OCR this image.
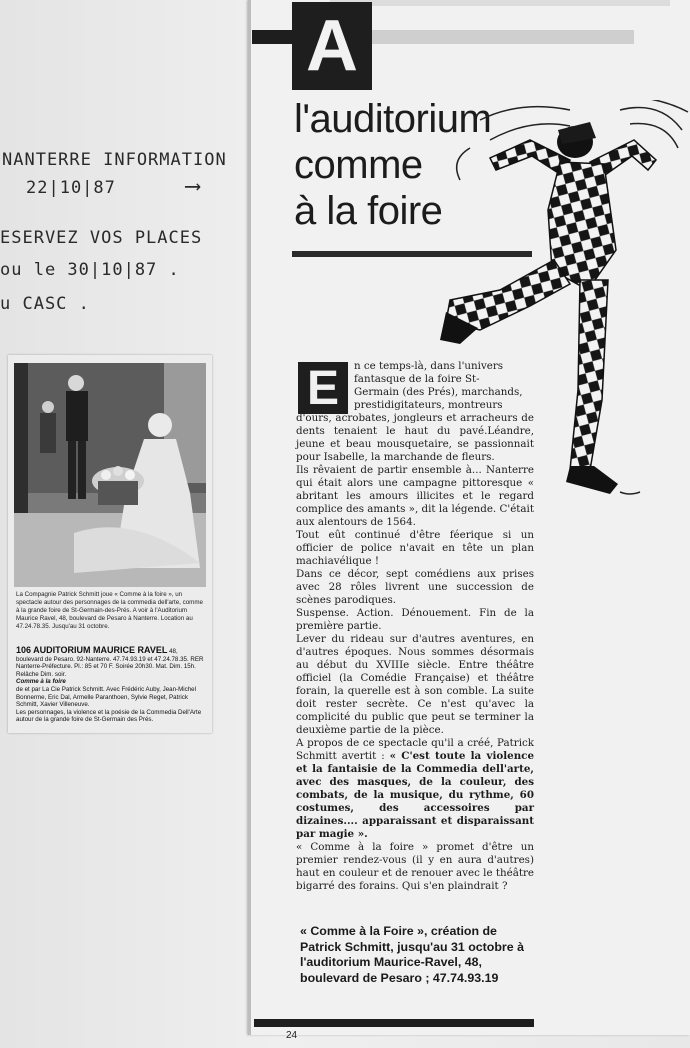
NANTERRE INFORMATION
22|10|87	⟶
ESERVEZ VOS PLACES
ou le 30|10|87 .
u CASC .
La Compagnie Patrick Schmitt joue « Comme à la foire », un spectacle autour des personnages de la commedia dell'arte, comme à la grande foire de St-Germain-des-Prés. A voir à l'Auditorium Maurice Ravel, 48, boulevard de Pesaro à Nanterre. Location au 47.24.78.35. Jusqu'au 31 octobre.
106 AUDITORIUM MAURICE RAVEL 48, boulevard de Pesaro. 92-Nanterre. 47.74.93.19 et 47.24.78.35. RER Nanterre-Préfecture. Pl.: 85 et 70 F. Soirée 20h30. Mat. Dim. 15h. Relâche Dim. soir.
Comme à la foire
de et par La Cie Patrick Schmitt. Avec Frédéric Auby, Jean-Michel Bonnerme, Eric Dal, Armelle Paranthoen, Sylvie Reget, Patrick Schmitt, Xavier Villeneuve.
Les personnages, la violence et la poésie de la Commedia Dell'Arte autour de la grande foire de St-Germain des Prés.
A
l'auditorium
comme
à la foire
E	n ce temps-là, dans l'univers
fantasque de la foire St-
Germain (des Prés), marchands,
prestidigitateurs, montreurs
d'ours, acrobates, jongleurs et arracheurs de dents tenaient le haut du pavé.Léandre, jeune et beau mousquetaire, se passionnait pour Isabelle, la marchande de fleurs.

Ils rêvaient de partir ensemble à... Nanterre qui était alors une campagne pittoresque « abritant les amours illicites et le regard complice des amants », dit la légende. C'était aux alentours de 1564.

Tout eût continué d'être féerique si un officier de police n'avait en tête un plan machiavélique !

Dans ce décor, sept comédiens aux prises avec 28 rôles livrent une succession de scènes parodiques.

Suspense. Action. Dénouement. Fin de la première partie.

Lever du rideau sur d'autres aventures, en d'autres époques. Nous sommes désormais au début du XVIIIe siècle. Entre théâtre officiel (la Comédie Française) et théâtre forain, la querelle est à son comble. La suite doit rester secrète. Ce n'est qu'avec la complicité du public que peut se terminer la deuxième partie de la pièce.

A propos de ce spectacle qu'il a créé, Patrick Schmitt avertit : « C'est toute la violence et la fantaisie de la Commedia dell'arte, avec des masques, de la couleur, des combats, de la musique, du rythme, 60 costumes, des accessoires par dizaines.... apparaissant et disparaissant par magie ».

« Comme à la foire » promet d'être un premier rendez-vous (il y en aura d'autres) haut en couleur et de renouer avec le théâtre bigarré des forains. Qui s'en plaindrait ?

« Comme à la Foire », création de Patrick Schmitt, jusqu'au 31 octobre à l'auditorium Maurice-Ravel, 48, boulevard de Pesaro ; 47.74.93.19
24
